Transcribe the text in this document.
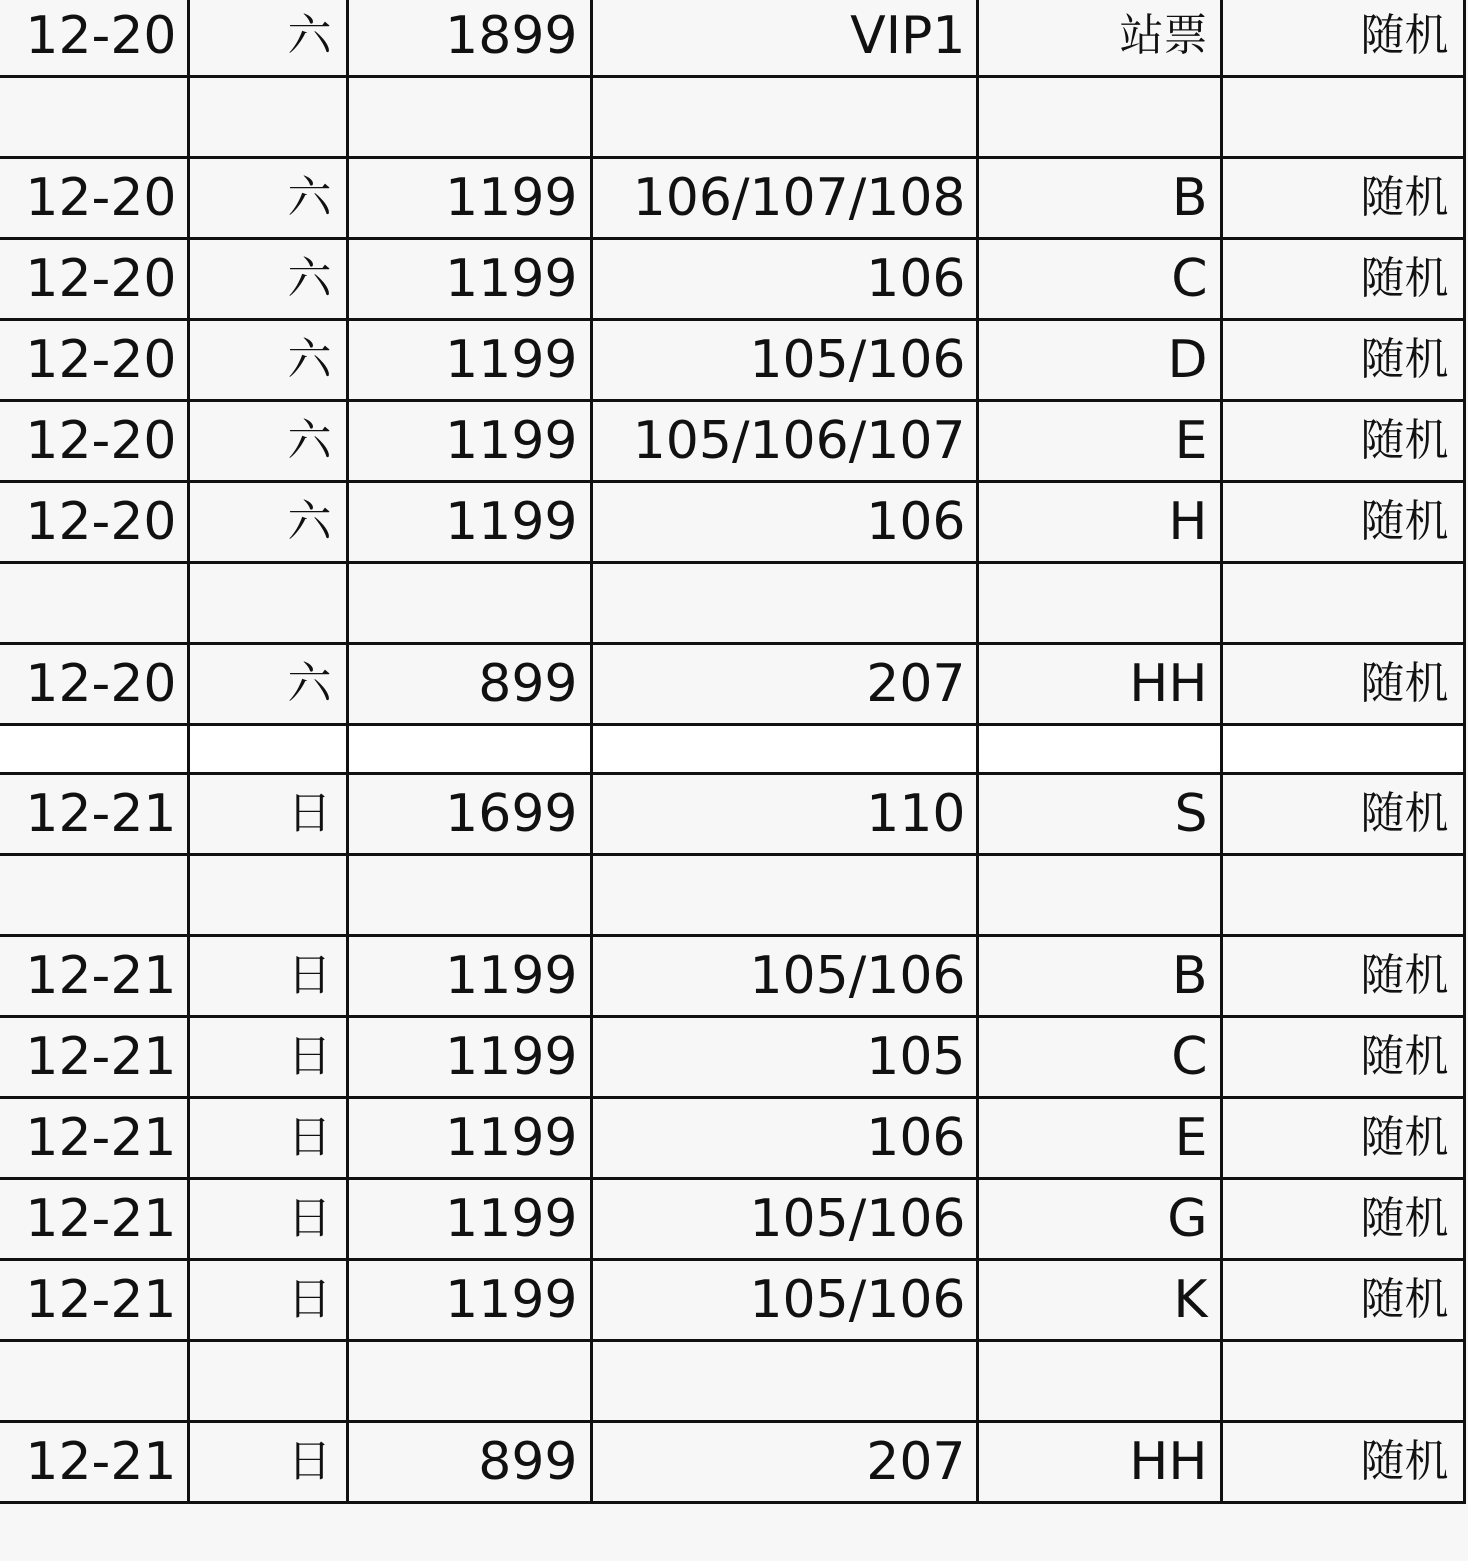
12-20	六	1899	VIP1	站票	随机

12-20	六	1199	106/107/108	B	随机
12-20	六	1199	106	C	随机
12-20	六	1199	105/106	D	随机
12-20	六	1199	105/106/107	E	随机
12-20	六	1199	106	H	随机

12-20	六	899	207	HH	随机

12-21	日	1699	110	S	随机

12-21	日	1199	105/106	B	随机
12-21	日	1199	105	C	随机
12-21	日	1199	106	E	随机
12-21	日	1199	105/106	G	随机
12-21	日	1199	105/106	K	随机

12-21	日	899	207	HH	随机
